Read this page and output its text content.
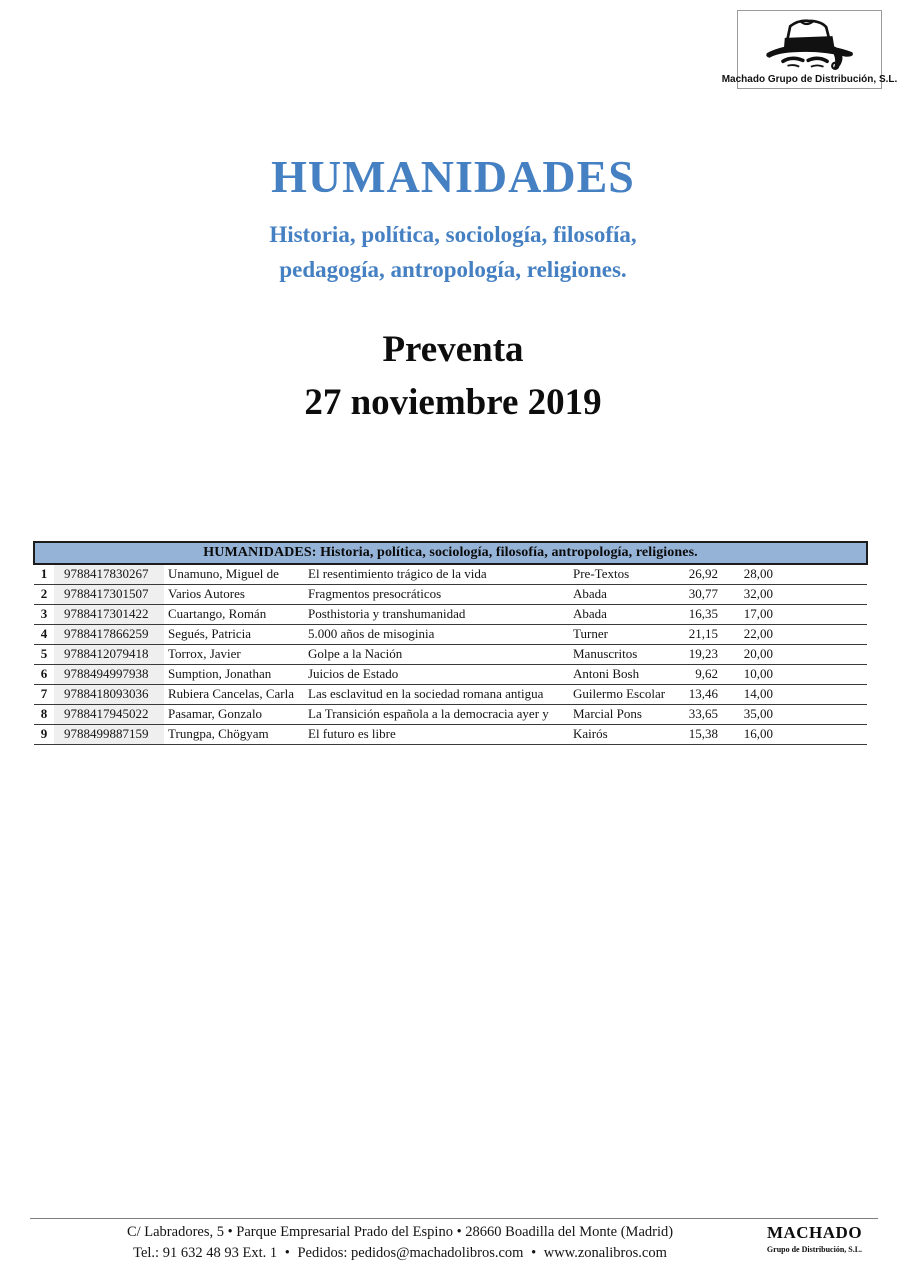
Machado Grupo de Distribución, S.L.
HUMANIDADES
Historia, política, sociología, filosofía,
pedagogía, antropología, religiones.
Preventa
27 noviembre 2019
HUMANIDADES: Historia, política, sociología, filosofía, antropología, religiones.							
1	9788417830267	Unamuno, Miguel de	El resentimiento trágico de la vida	Pre-Textos	26,92	28,00	
2	9788417301507	Varios Autores	Fragmentos presocráticos	Abada	30,77	32,00	
3	9788417301422	Cuartango, Román	Posthistoria y transhumanidad	Abada	16,35	17,00	
4	9788417866259	Segués, Patricia	5.000 años de misoginia	Turner	21,15	22,00	
5	9788412079418	Torrox, Javier	Golpe a la Nación	Manuscritos	19,23	20,00	
6	9788494997938	Sumption, Jonathan	Juicios de Estado	Antoni Bosh	9,62	10,00	
7	9788418093036	Rubiera Cancelas, Carla	Las esclavitud en la sociedad romana antigua	Guilermo Escolar	13,46	14,00	
8	9788417945022	Pasamar, Gonzalo	La Transición española a la democracia ayer y	Marcial Pons	33,65	35,00	
9	9788499887159	Trungpa, Chögyam	El futuro es libre	Kairós	15,38	16,00	
C/ Labradores, 5 • Parque Empresarial Prado del Espino • 28660 Boadilla del Monte (Madrid)
Tel.: 91 632 48 93 Ext. 1 • Pedidos: pedidos@machadolibros.com • www.zonalibros.com
MACHADO
Grupo de Distribución, S.L.
